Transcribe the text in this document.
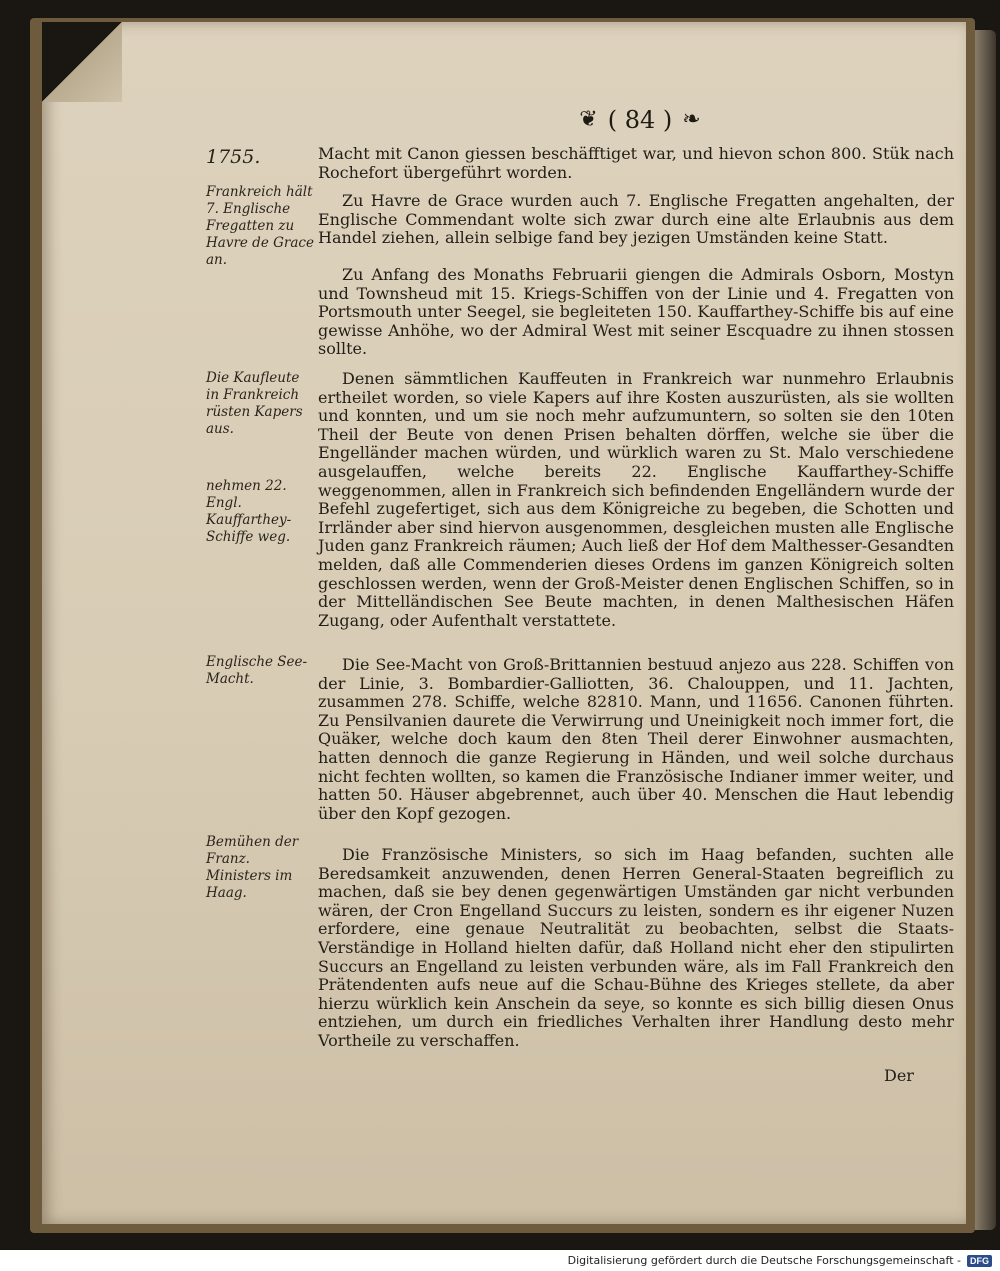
❦ ( 84 ) ❧
1755.
Frankreich hält 7. Englische Fregatten zu Havre de Grace an.
Die Kaufleute in Frankreich rüsten Kapers aus.
nehmen 22. Engl. Kauffarthey-Schiffe weg.
Englische See-Macht.
Bemühen der Franz. Ministers im Haag.

Macht mit Canon giessen beschäfftiget war, und hievon schon 800. Stük nach Rochefort übergeführt worden.

Zu Havre de Grace wurden auch 7. Englische Fregatten angehalten, der Englische Commendant wolte sich zwar durch eine alte Erlaubnis aus dem Handel ziehen, allein selbige fand bey jezigen Umständen keine Statt.

Zu Anfang des Monaths Februarii giengen die Admirals Osborn, Mostyn und Townsheud mit 15. Kriegs-Schiffen von der Linie und 4. Fregatten von Portsmouth unter Seegel, sie begleiteten 150. Kauffarthey-Schiffe bis auf eine gewisse Anhöhe, wo der Admiral West mit seiner Escquadre zu ihnen stossen sollte.

Denen sämmtlichen Kauffeuten in Frankreich war nunmehro Erlaubnis ertheilet worden, so viele Kapers auf ihre Kosten auszurüsten, als sie wollten und konnten, und um sie noch mehr aufzumuntern, so solten sie den 10ten Theil der Beute von denen Prisen behalten dörffen, welche sie über die Engelländer machen würden, und würklich waren zu St. Malo verschiedene ausgelauffen, welche bereits 22. Englische Kauffarthey-Schiffe weggenommen, allen in Frankreich sich befindenden Engelländern wurde der Befehl zugefertiget, sich aus dem Königreiche zu begeben, die Schotten und Irrländer aber sind hiervon ausgenommen, desgleichen musten alle Englische Juden ganz Frankreich räumen; Auch ließ der Hof dem Malthesser-Gesandten melden, daß alle Commenderien dieses Ordens im ganzen Königreich solten geschlossen werden, wenn der Groß-Meister denen Englischen Schiffen, so in der Mittelländischen See Beute machten, in denen Malthesischen Häfen Zugang, oder Aufenthalt verstattete.

Die See-Macht von Groß-Brittannien bestuud anjezo aus 228. Schiffen von der Linie, 3. Bombardier-Galliotten, 36. Chalouppen, und 11. Jachten, zusammen 278. Schiffe, welche 82810. Mann, und 11656. Canonen führten. Zu Pensilvanien daurete die Verwirrung und Uneinigkeit noch immer fort, die Quäker, welche doch kaum den 8ten Theil derer Einwohner ausmachten, hatten dennoch die ganze Regierung in Händen, und weil solche durchaus nicht fechten wollten, so kamen die Französische Indianer immer weiter, und hatten 50. Häuser abgebrennet, auch über 40. Menschen die Haut lebendig über den Kopf gezogen.

Die Französische Ministers, so sich im Haag befanden, suchten alle Beredsamkeit anzuwenden, denen Herren General-Staaten begreiflich zu machen, daß sie bey denen gegenwärtigen Umständen gar nicht verbunden wären, der Cron Engelland Succurs zu leisten, sondern es ihr eigener Nuzen erfordere, eine genaue Neutralität zu beobachten, selbst die Staats-Verständige in Holland hielten dafür, daß Holland nicht eher den stipulirten Succurs an Engelland zu leisten verbunden wäre, als im Fall Frankreich den Prätendenten aufs neue auf die Schau-Bühne des Krieges stellete, da aber hierzu würklich kein Anschein da seye, so konnte es sich billig diesen Onus entziehen, um durch ein friedliches Verhalten ihrer Handlung desto mehr Vortheile zu verschaffen.

Der
Digitalisierung gefördert durch die Deutsche Forschungsgemeinschaft -	DFG
